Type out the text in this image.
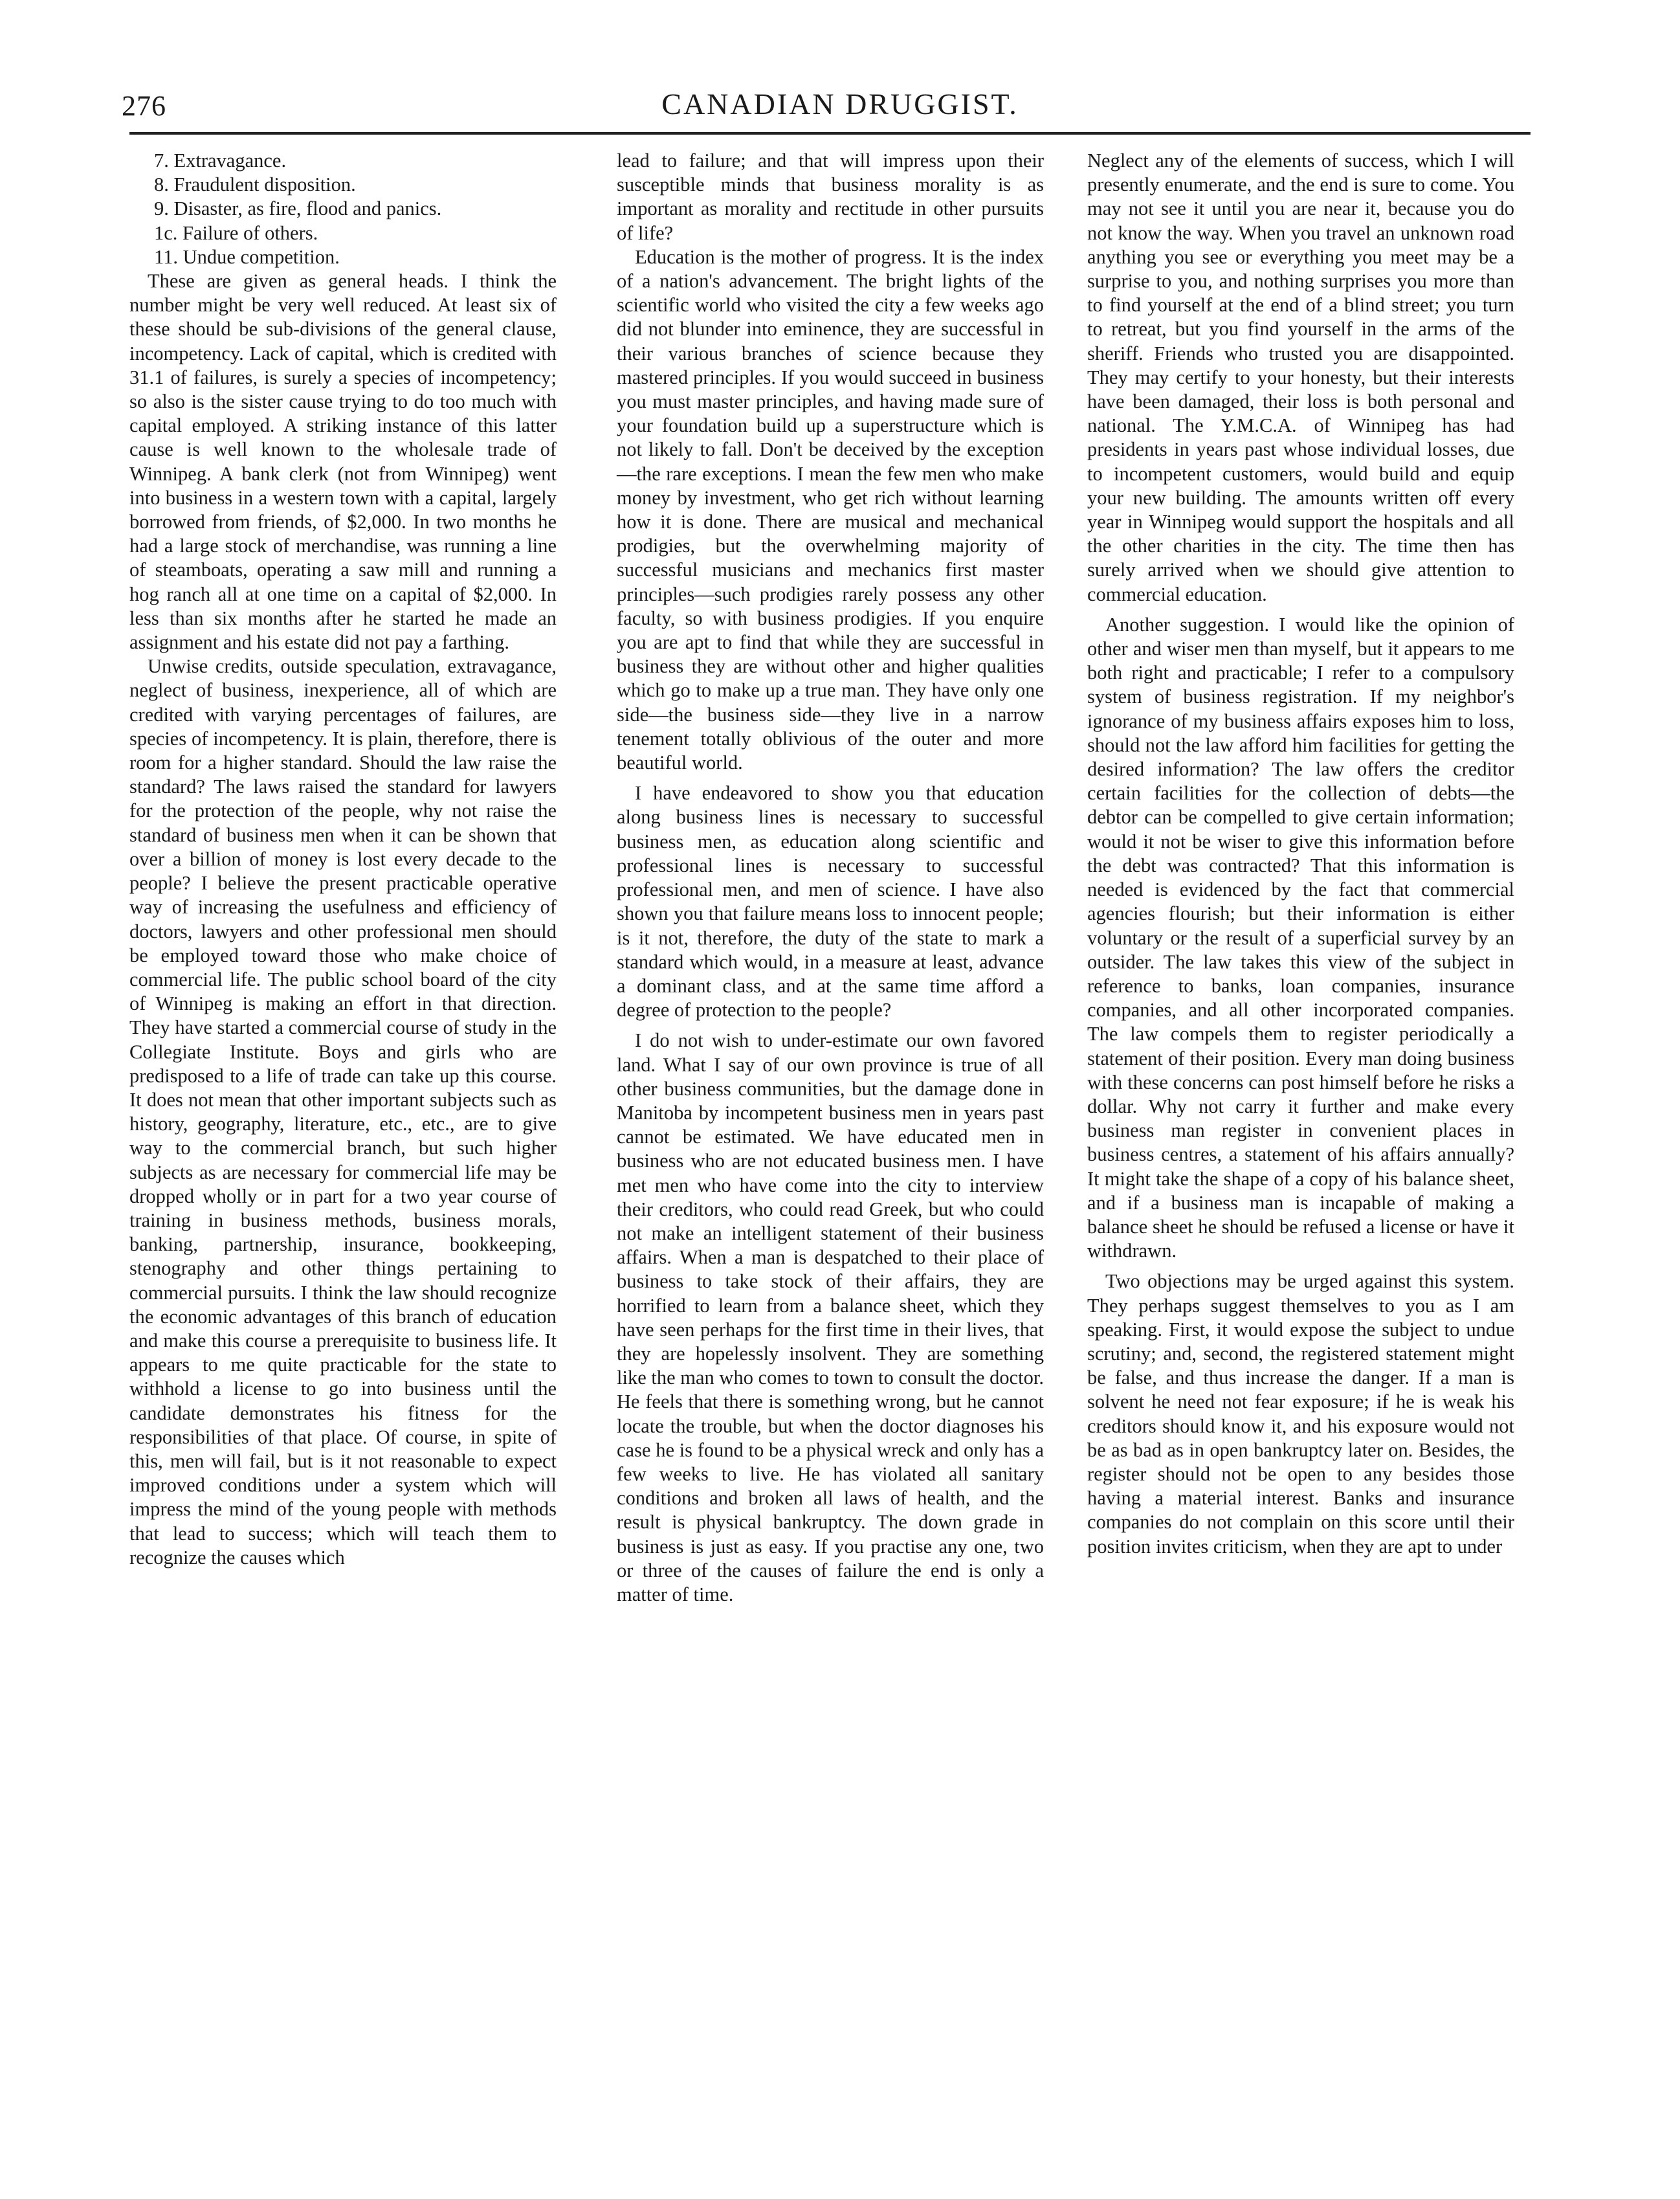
276	CANADIAN DRUGGIST.
7. Extravagance.
8. Fraudulent disposition.
9. Disaster, as fire, flood and panics.
1c. Failure of others.
11. Undue competition.

These are given as general heads. I think the number might be very well reduced. At least six of these should be sub-divisions of the general clause, incompetency. Lack of capital, which is credited with 31.1 of failures, is surely a species of incompetency; so also is the sister cause trying to do too much with capital employed. A striking instance of this latter cause is well known to the wholesale trade of Winnipeg. A bank clerk (not from Winnipeg) went into business in a western town with a capital, largely borrowed from friends, of $2,000. In two months he had a large stock of merchandise, was running a line of steamboats, operating a saw mill and running a hog ranch all at one time on a capital of $2,000. In less than six months after he started he made an assignment and his estate did not pay a farthing.

Unwise credits, outside speculation, extravagance, neglect of business, inexperience, all of which are credited with varying percentages of failures, are species of incompetency. It is plain, therefore, there is room for a higher standard. Should the law raise the standard? The laws raised the standard for lawyers for the protection of the people, why not raise the standard of business men when it can be shown that over a billion of money is lost every decade to the people? I believe the present practicable operative way of increasing the usefulness and efficiency of doctors, lawyers and other professional men should be employed toward those who make choice of commercial life. The public school board of the city of Winnipeg is making an effort in that direction. They have started a commercial course of study in the Collegiate Institute. Boys and girls who are predisposed to a life of trade can take up this course. It does not mean that other important subjects such as history, geography, literature, etc., etc., are to give way to the commercial branch, but such higher subjects as are necessary for commercial life may be dropped wholly or in part for a two year course of training in business methods, business morals, banking, partnership, insurance, bookkeeping, stenography and other things pertaining to commercial pursuits. I think the law should recognize the economic advantages of this branch of education and make this course a prerequisite to business life. It appears to me quite practicable for the state to withhold a license to go into business until the candidate demonstrates his fitness for the responsibilities of that place. Of course, in spite of this, men will fail, but is it not reasonable to expect improved conditions under a system which will impress the mind of the young people with methods that lead to success; which will teach them to recognize the causes which

lead to failure; and that will impress upon their susceptible minds that business morality is as important as morality and rectitude in other pursuits of life?

Education is the mother of progress. It is the index of a nation's advancement. The bright lights of the scientific world who visited the city a few weeks ago did not blunder into eminence, they are successful in their various branches of science because they mastered principles. If you would succeed in business you must master principles, and having made sure of your foundation build up a superstructure which is not likely to fall. Don't be deceived by the exception—the rare exceptions. I mean the few men who make money by investment, who get rich without learning how it is done. There are musical and mechanical prodigies, but the overwhelming majority of successful musicians and mechanics first master principles—such prodigies rarely possess any other faculty, so with business prodigies. If you enquire you are apt to find that while they are successful in business they are without other and higher qualities which go to make up a true man. They have only one side—the business side—they live in a narrow tenement totally oblivious of the outer and more beautiful world.

I have endeavored to show you that education along business lines is necessary to successful business men, as education along scientific and professional lines is necessary to successful professional men, and men of science. I have also shown you that failure means loss to innocent people; is it not, therefore, the duty of the state to mark a standard which would, in a measure at least, advance a dominant class, and at the same time afford a degree of protection to the people?

I do not wish to under-estimate our own favored land. What I say of our own province is true of all other business communities, but the damage done in Manitoba by incompetent business men in years past cannot be estimated. We have educated men in business who are not educated business men. I have met men who have come into the city to interview their creditors, who could read Greek, but who could not make an intelligent statement of their business affairs. When a man is despatched to their place of business to take stock of their affairs, they are horrified to learn from a balance sheet, which they have seen perhaps for the first time in their lives, that they are hopelessly insolvent. They are something like the man who comes to town to consult the doctor. He feels that there is something wrong, but he cannot locate the trouble, but when the doctor diagnoses his case he is found to be a physical wreck and only has a few weeks to live. He has violated all sanitary conditions and broken all laws of health, and the result is physical bankruptcy. The down grade in business is just as easy. If you practise any one, two or three of the causes of failure the end is only a matter of time.

Neglect any of the elements of success, which I will presently enumerate, and the end is sure to come. You may not see it until you are near it, because you do not know the way. When you travel an unknown road anything you see or everything you meet may be a surprise to you, and nothing surprises you more than to find yourself at the end of a blind street; you turn to retreat, but you find yourself in the arms of the sheriff. Friends who trusted you are disappointed. They may certify to your honesty, but their interests have been damaged, their loss is both personal and national. The Y.M.C.A. of Winnipeg has had presidents in years past whose individual losses, due to incompetent customers, would build and equip your new building. The amounts written off every year in Winnipeg would support the hospitals and all the other charities in the city. The time then has surely arrived when we should give attention to commercial education.

Another suggestion. I would like the opinion of other and wiser men than myself, but it appears to me both right and practicable; I refer to a compulsory system of business registration. If my neighbor's ignorance of my business affairs exposes him to loss, should not the law afford him facilities for getting the desired information? The law offers the creditor certain facilities for the collection of debts—the debtor can be compelled to give certain information; would it not be wiser to give this information before the debt was contracted? That this information is needed is evidenced by the fact that commercial agencies flourish; but their information is either voluntary or the result of a superficial survey by an outsider. The law takes this view of the subject in reference to banks, loan companies, insurance companies, and all other incorporated companies. The law compels them to register periodically a statement of their position. Every man doing business with these concerns can post himself before he risks a dollar. Why not carry it further and make every business man register in convenient places in business centres, a statement of his affairs annually? It might take the shape of a copy of his balance sheet, and if a business man is incapable of making a balance sheet he should be refused a license or have it withdrawn.

Two objections may be urged against this system. They perhaps suggest themselves to you as I am speaking. First, it would expose the subject to undue scrutiny; and, second, the registered statement might be false, and thus increase the danger. If a man is solvent he need not fear exposure; if he is weak his creditors should know it, and his exposure would not be as bad as in open bankruptcy later on. Besides, the register should not be open to any besides those having a material interest. Banks and insurance companies do not complain on this score until their position invites criticism, when they are apt to under
